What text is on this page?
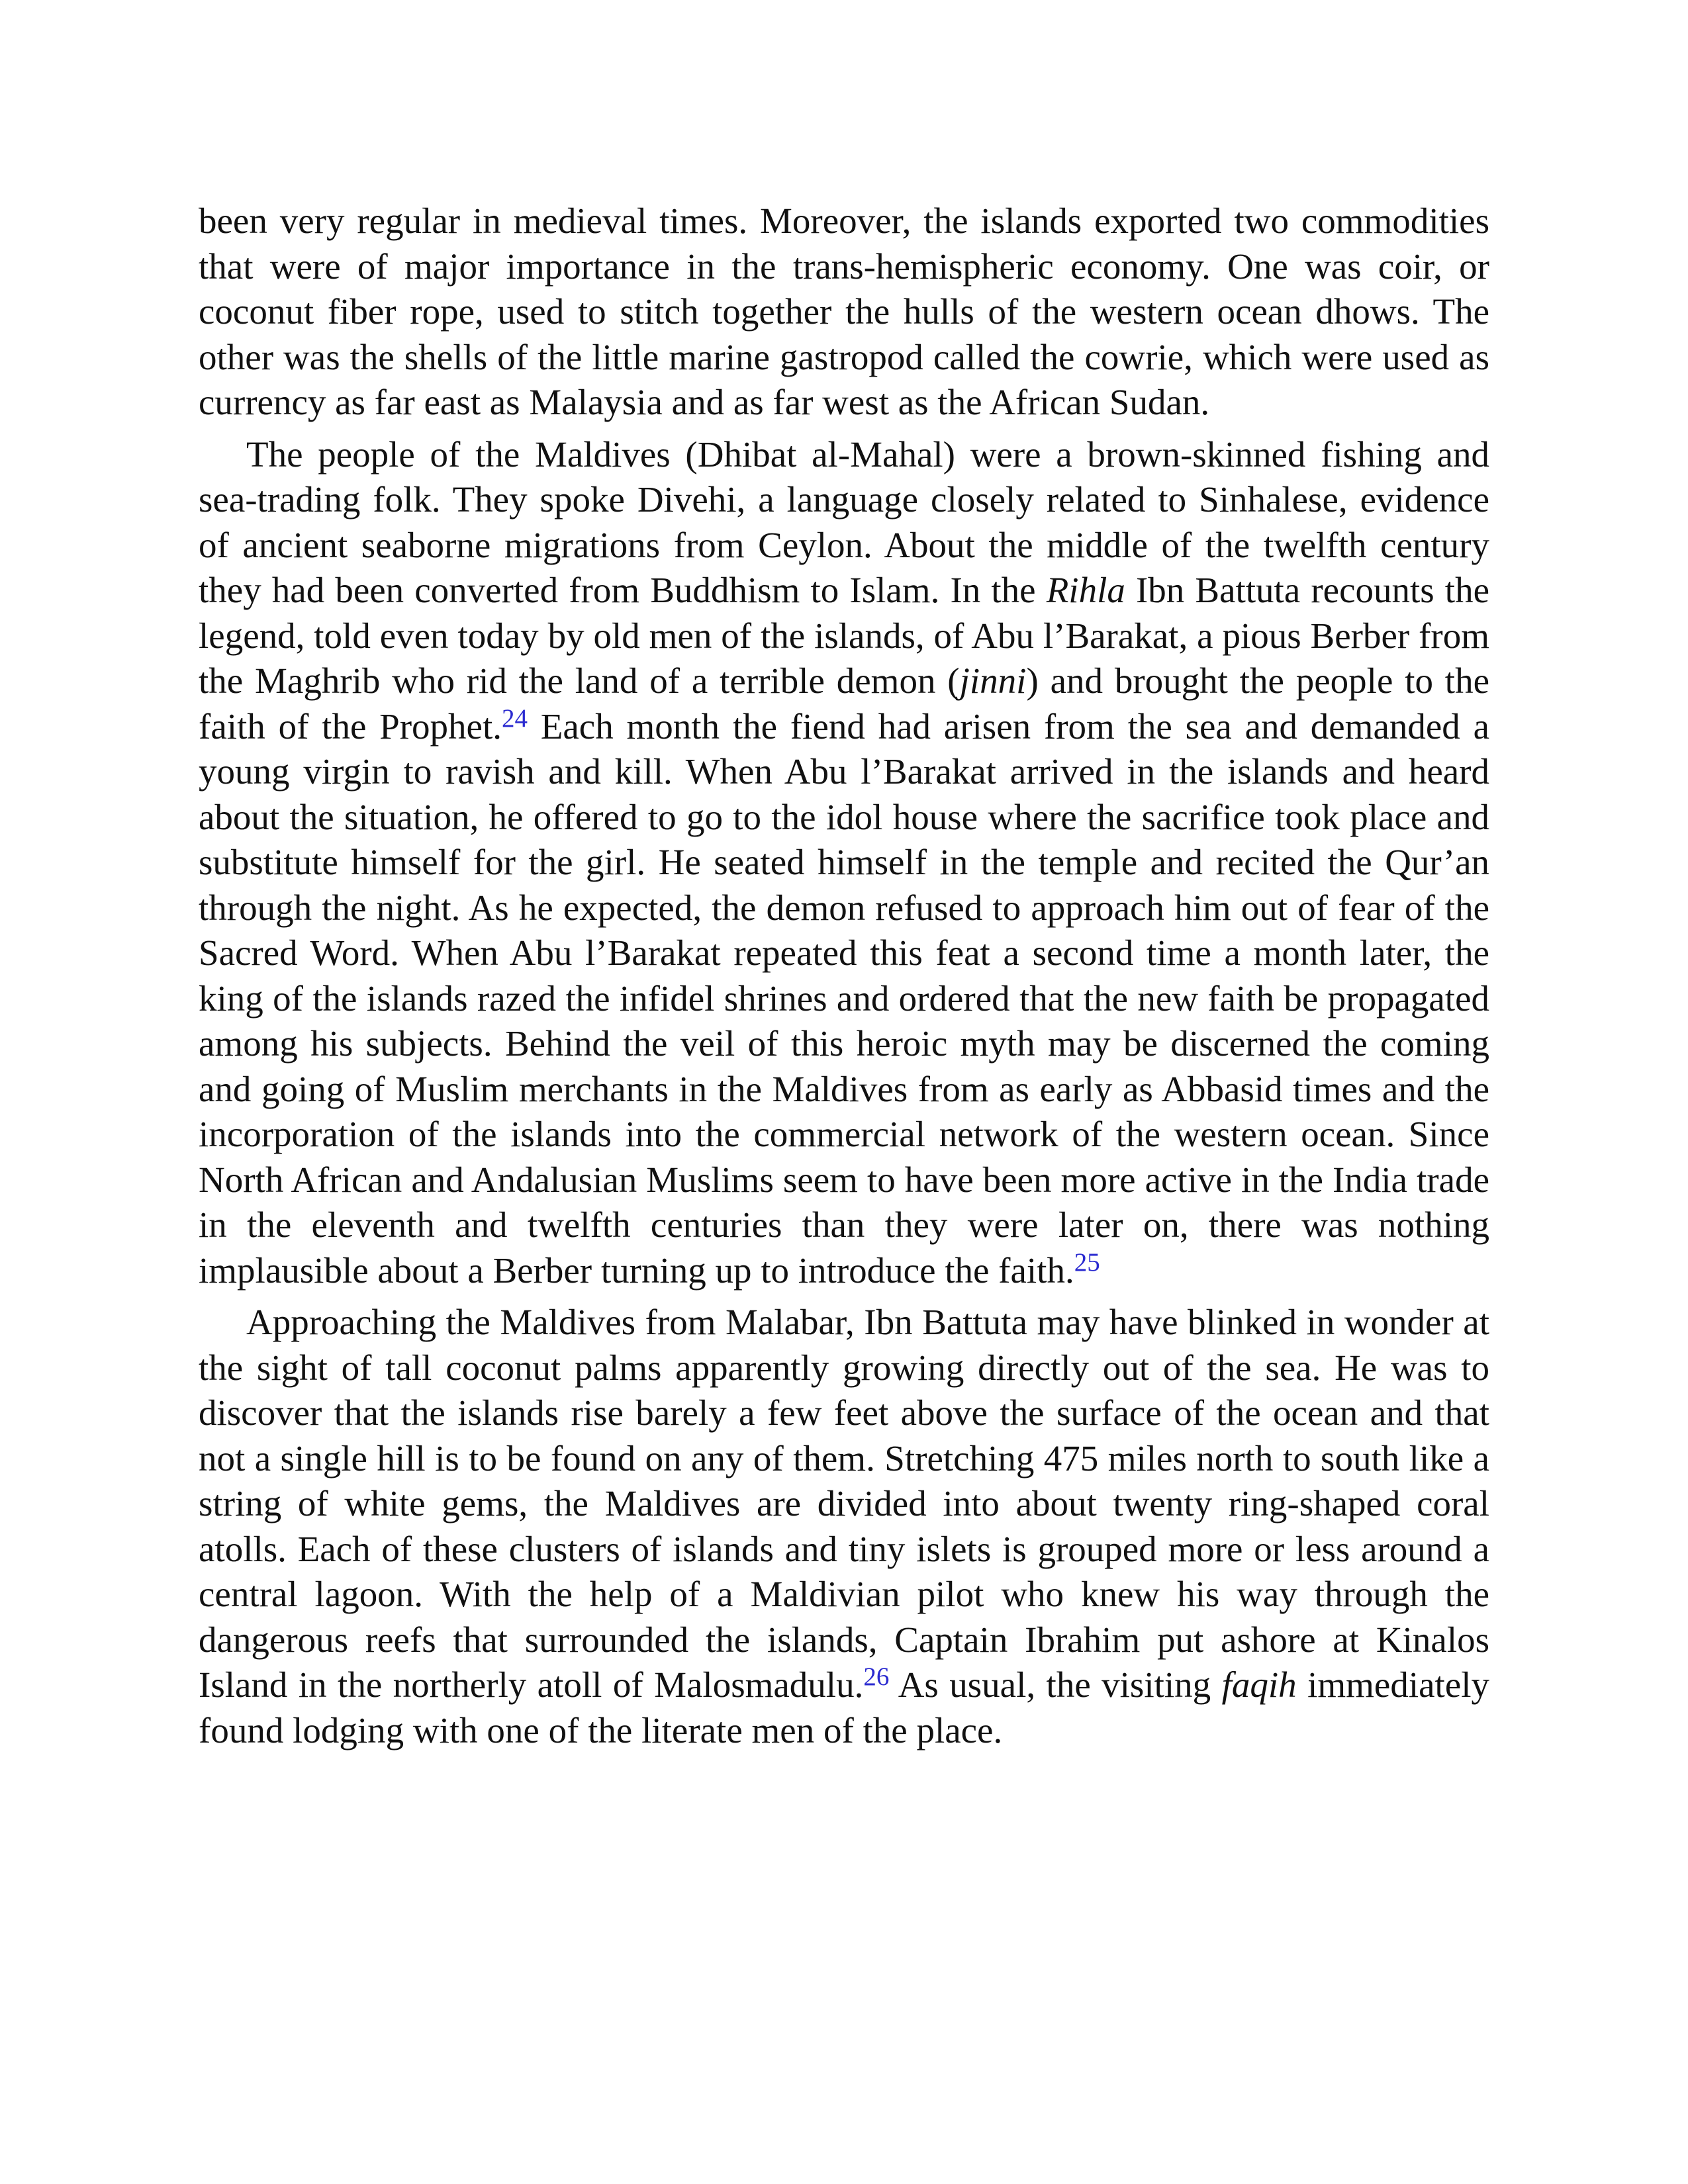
been very regular in medieval times. Moreover, the islands exported two commodities that were of major importance in the trans-hemispheric economy. One was coir, or coconut fiber rope, used to stitch together the hulls of the western ocean dhows. The other was the shells of the little marine gastropod called the cowrie, which were used as currency as far east as Malaysia and as far west as the African Sudan.

The people of the Maldives (Dhibat al-Mahal) were a brown-skinned fishing and sea-trading folk. They spoke Divehi, a language closely related to Sinhalese, evidence of ancient seaborne migrations from Ceylon. About the middle of the twelfth century they had been converted from Buddhism to Islam. In the Rihla Ibn Battuta recounts the legend, told even today by old men of the islands, of Abu l’Barakat, a pious Berber from the Maghrib who rid the land of a terrible demon (jinni) and brought the people to the faith of the Prophet.$^{24}$ Each month the fiend had arisen from the sea and demanded a young virgin to ravish and kill. When Abu l’Barakat arrived in the islands and heard about the situation, he offered to go to the idol house where the sacrifice took place and substitute himself for the girl. He seated himself in the temple and recited the Qur’an through the night. As he expected, the demon refused to approach him out of fear of the Sacred Word. When Abu l’Barakat repeated this feat a second time a month later, the king of the islands razed the infidel shrines and ordered that the new faith be propagated among his subjects. Behind the veil of this heroic myth may be discerned the coming and going of Muslim merchants in the Maldives from as early as Abbasid times and the incorporation of the islands into the commercial network of the western ocean. Since North African and Andalusian Muslims seem to have been more active in the India trade in the eleventh and twelfth centuries than they were later on, there was nothing implausible about a Berber turning up to introduce the faith.$^{25}$

Approaching the Maldives from Malabar, Ibn Battuta may have blinked in wonder at the sight of tall coconut palms apparently growing directly out of the sea. He was to discover that the islands rise barely a few feet above the surface of the ocean and that not a single hill is to be found on any of them. Stretching 475 miles north to south like a string of white gems, the Maldives are divided into about twenty ring-shaped coral atolls. Each of these clusters of islands and tiny islets is grouped more or less around a central lagoon. With the help of a Maldivian pilot who knew his way through the dangerous reefs that surrounded the islands, Captain Ibrahim put ashore at Kinalos Island in the northerly atoll of Malosmadulu.$^{26}$ As usual, the visiting faqih immediately found lodging with one of the literate men of the place.
